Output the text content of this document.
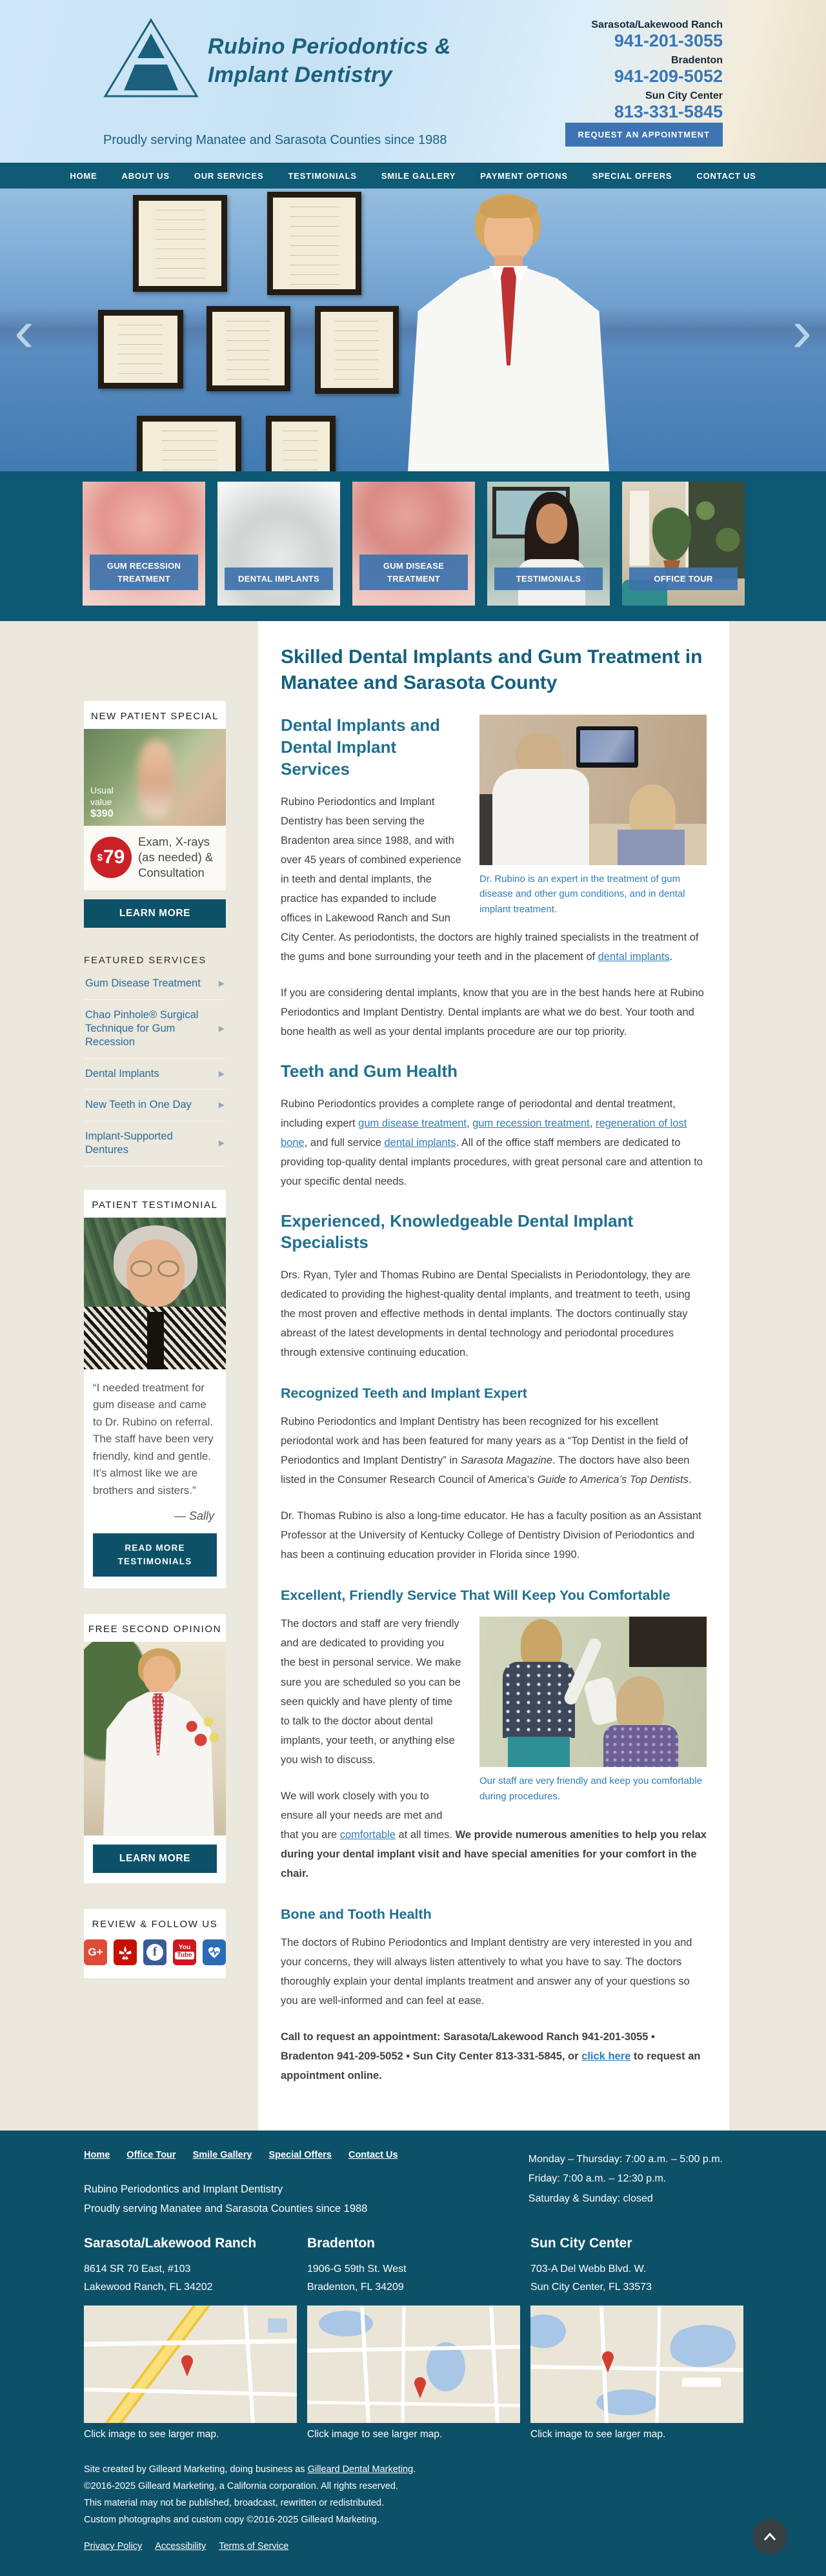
Rubino Periodontics &
Implant Dentistry
Proudly serving Manatee and Sarasota Counties since 1988
Sarasota/Lakewood Ranch
941-201-3055
Bradenton
941-209-5052
Sun City Center
813-331-5845
REQUEST AN APPOINTMENT
HOME	ABOUT US	OUR SERVICES	TESTIMONIALS	SMILE GALLERY	PAYMENT OPTIONS	SPECIAL OFFERS	CONTACT US
‹	›
GUM RECESSION TREATMENT	DENTAL IMPLANTS
GUM DISEASE TREATMENT	TESTIMONIALS	OFFICE TOUR
NEW PATIENT SPECIAL
Usual
value
$390
$ 79
Exam, X-rays (as needed) & Consultation
LEARN MORE
FEATURED SERVICES
Gum Disease Treatment ▶
Chao Pinhole® Surgical Technique for Gum Recession
▶
Dental Implants	▶
New Teeth in One Day	▶
Implant-Supported Dentures
▶
PATIENT TESTIMONIAL
“I needed treatment for gum disease and came to Dr. Rubino on referral. The staff have been very friendly, kind and gentle. It’s almost like we are brothers and sisters.”
— Sally
READ MORE TESTIMONIALS
FREE SECOND OPINION
LEARN MORE
REVIEW & FOLLOW US
G+	f	You
Tube
Skilled Dental Implants and Gum Treatment in Manatee and Sarasota County
Dr. Rubino is an expert in the treatment of gum disease and other gum conditions, and in dental implant treatment.
Dental Implants and Dental Implant Services

Rubino Periodontics and Implant Dentistry has been serving the Bradenton area since 1988, and with over 45 years of combined experience in teeth and dental implants, the practice has expanded to include offices in Lakewood Ranch and Sun City Center. As periodontists, the doctors are highly trained specialists in the treatment of the gums and bone surrounding your teeth and in the placement of dental implants.

If you are considering dental implants, know that you are in the best hands here at Rubino Periodontics and Implant Dentistry. Dental implants are what we do best. Your tooth and bone health as well as your dental implants procedure are our top priority.

Teeth and Gum Health

Rubino Periodontics provides a complete range of periodontal and dental treatment, including expert gum disease treatment, gum recession treatment, regeneration of lost bone, and full service dental implants. All of the office staff members are dedicated to providing top-quality dental implants procedures, with great personal care and attention to your specific dental needs.

Experienced, Knowledgeable Dental Implant Specialists

Drs. Ryan, Tyler and Thomas Rubino are Dental Specialists in Periodontology, they are dedicated to providing the highest-quality dental implants, and treatment to teeth, using the most proven and effective methods in dental implants. The doctors continually stay abreast of the latest developments in dental technology and periodontal procedures through extensive continuing education.

Recognized Teeth and Implant Expert

Rubino Periodontics and Implant Dentistry has been recognized for his excellent periodontal work and has been featured for many years as a “Top Dentist in the field of Periodontics and Implant Dentistry” in Sarasota Magazine. The doctors have also been listed in the Consumer Research Council of America’s Guide to America’s Top Dentists.

Dr. Thomas Rubino is also a long-time educator. He has a faculty position as an Assistant Professor at the University of Kentucky College of Dentistry Division of Periodontics and has been a continuing education provider in Florida since 1990.

Excellent, Friendly Service That Will Keep You Comfortable
Our staff are very friendly and keep you comfortable during procedures.

The doctors and staff are very friendly and are dedicated to providing you the best in personal service. We make sure you are scheduled so you can be seen quickly and have plenty of time to talk to the doctor about dental implants, your teeth, or anything else you wish to discuss.

We will work closely with you to ensure all your needs are met and that you are comfortable at all times. We provide numerous amenities to help you relax during your dental implant visit and have special amenities for your comfort in the chair.

Bone and Tooth Health

The doctors of Rubino Periodontics and Implant dentistry are very interested in you and your concerns, they will always listen attentively to what you have to say. The doctors thoroughly explain your dental implants treatment and answer any of your questions so you are well-informed and can feel at ease.

Call to request an appointment: Sarasota/Lakewood Ranch 941-201-3055 • Bradenton 941-209-5052 • Sun City Center 813-331-5845, or click here to request an appointment online.

Home Office Tour Smile Gallery Special Offers Contact Us	Monday – Thursday: 7:00 a.m. – 5:00 p.m.
Friday: 7:00 a.m. – 12:30 p.m.
Saturday & Sunday: closed
Rubino Periodontics and Implant Dentistry
Proudly serving Manatee and Sarasota Counties since 1988
Sarasota/Lakewood Ranch
8614 SR 70 East, #103
Lakewood Ranch, FL 34202
Click image to see larger map.
Bradenton
1906-G 59th St. West
Bradenton, FL 34209
Click image to see larger map.
Sun City Center
703-A Del Webb Blvd. W.
Sun City Center, FL 33573
Click image to see larger map.
Site created by Gilleard Marketing, doing business as Gilleard Dental Marketing.
©2016-2025 Gilleard Marketing, a California corporation. All rights reserved.
This material may not be published, broadcast, rewritten or redistributed.
Custom photographs and custom copy ©2016-2025 Gilleard Marketing.
Privacy Policy Accessibility Terms of Service
